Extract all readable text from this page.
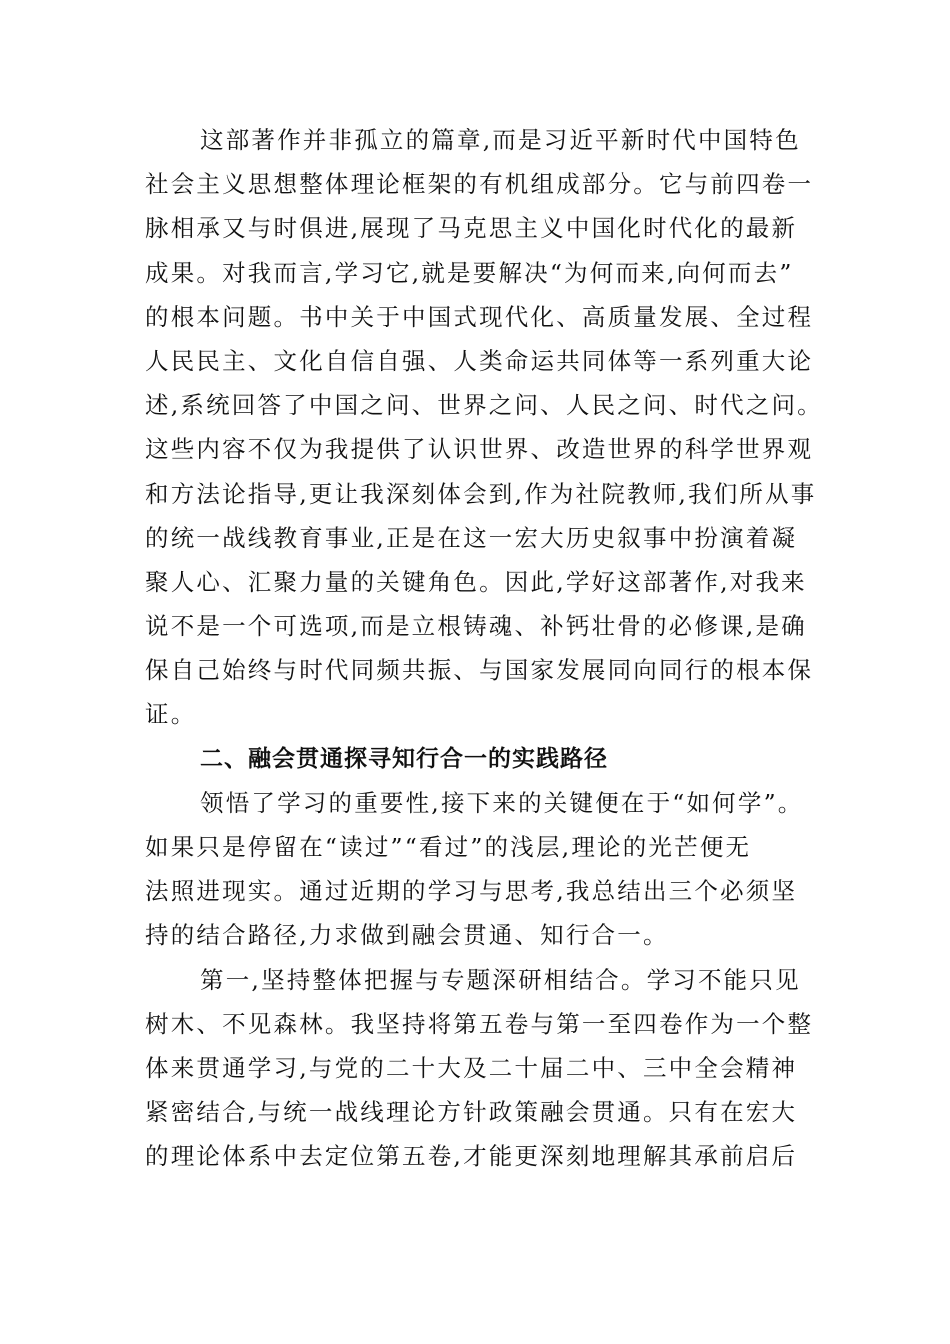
这部著作并非孤立的篇章,而是习近平新时代中国特色
社会主义思想整体理论框架的有机组成部分。它与前四卷一
脉相承又与时俱进,展现了马克思主义中国化时代化的最新
成果。对我而言,学习它,就是要解决“为何而来,向何而去”
的根本问题。书中关于中国式现代化、高质量发展、全过程
人民民主、文化自信自强、人类命运共同体等一系列重大论
述,系统回答了中国之问、世界之问、人民之问、时代之问。
这些内容不仅为我提供了认识世界、改造世界的科学世界观
和方法论指导,更让我深刻体会到,作为社院教师,我们所从事
的统一战线教育事业,正是在这一宏大历史叙事中扮演着凝
聚人心、汇聚力量的关键角色。因此,学好这部著作,对我来
说不是一个可选项,而是立根铸魂、补钙壮骨的必修课,是确
保自己始终与时代同频共振、与国家发展同向同行的根本保
证。
二、融会贯通探寻知行合一的实践路径
领悟了学习的重要性,接下来的关键便在于“如何学”。
如果只是停留在“读过”“看过”的浅层,理论的光芒便无
法照进现实。通过近期的学习与思考,我总结出三个必须坚
持的结合路径,力求做到融会贯通、知行合一。
第一,坚持整体把握与专题深研相结合。学习不能只见
树木、不见森林。我坚持将第五卷与第一至四卷作为一个整
体来贯通学习,与党的二十大及二十届二中、三中全会精神
紧密结合,与统一战线理论方针政策融会贯通。只有在宏大
的理论体系中去定位第五卷,才能更深刻地理解其承前启后
